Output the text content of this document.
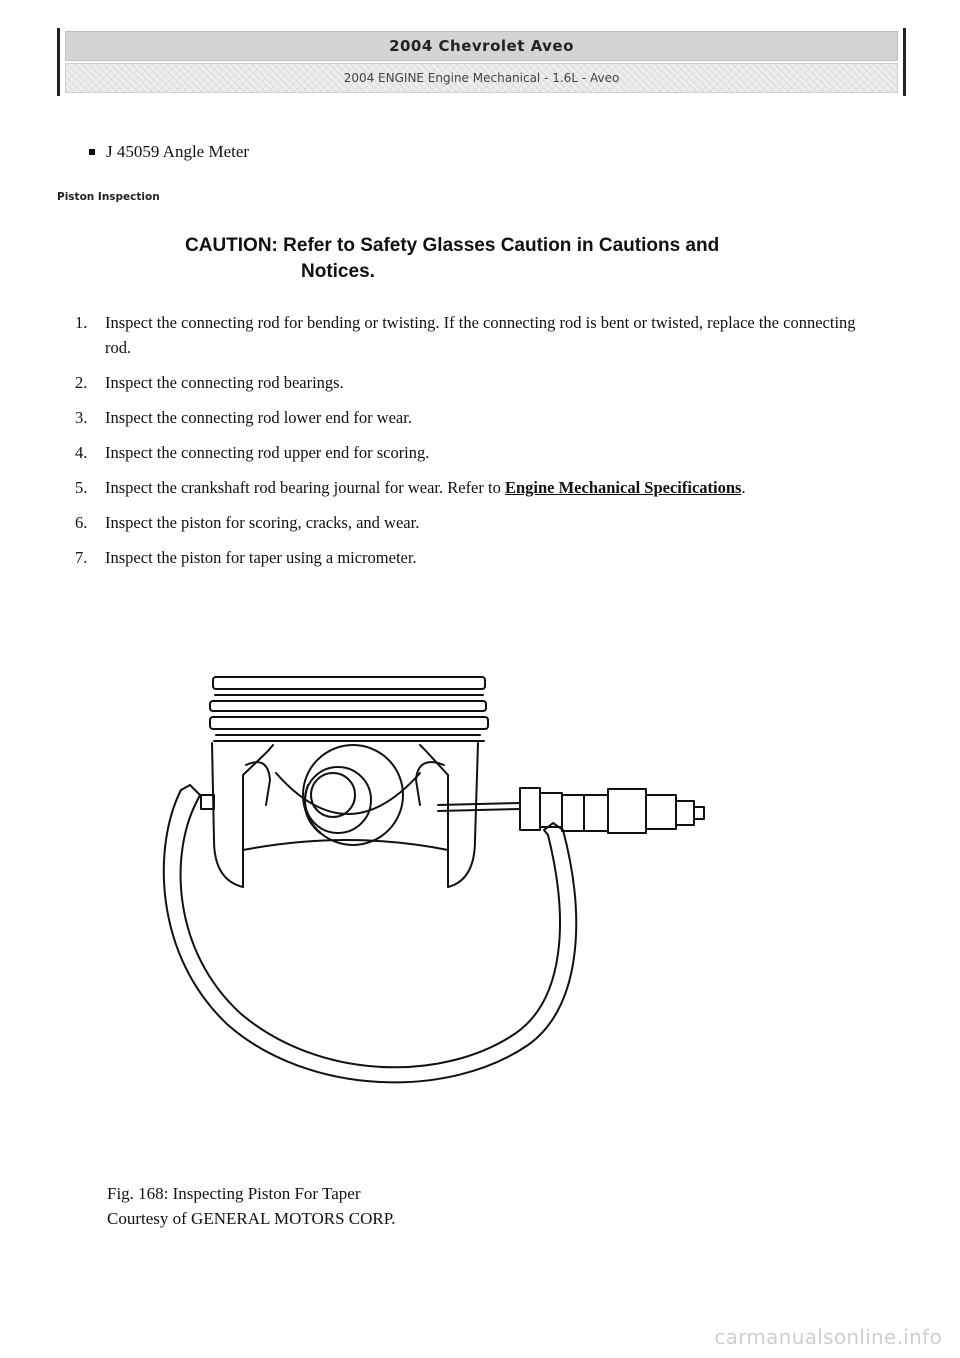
2004 Chevrolet Aveo
2004 ENGINE Engine Mechanical - 1.6L - Aveo
J 45059 Angle Meter
Piston Inspection
CAUTION: Refer to Safety Glasses Caution in Cautions and
Notices.
1.	Inspect the connecting rod for bending or twisting. If the connecting rod is bent or twisted, replace the connecting rod.
2.	Inspect the connecting rod bearings.
3.	Inspect the connecting rod lower end for wear.
4.	Inspect the connecting rod upper end for scoring.
5.	Inspect the crankshaft rod bearing journal for wear. Refer to Engine Mechanical Specifications.
6.	Inspect the piston for scoring, cracks, and wear.
7.	Inspect the piston for taper using a micrometer.
Fig. 168: Inspecting Piston For Taper
Courtesy of GENERAL MOTORS CORP.
carmanualsonline.info
